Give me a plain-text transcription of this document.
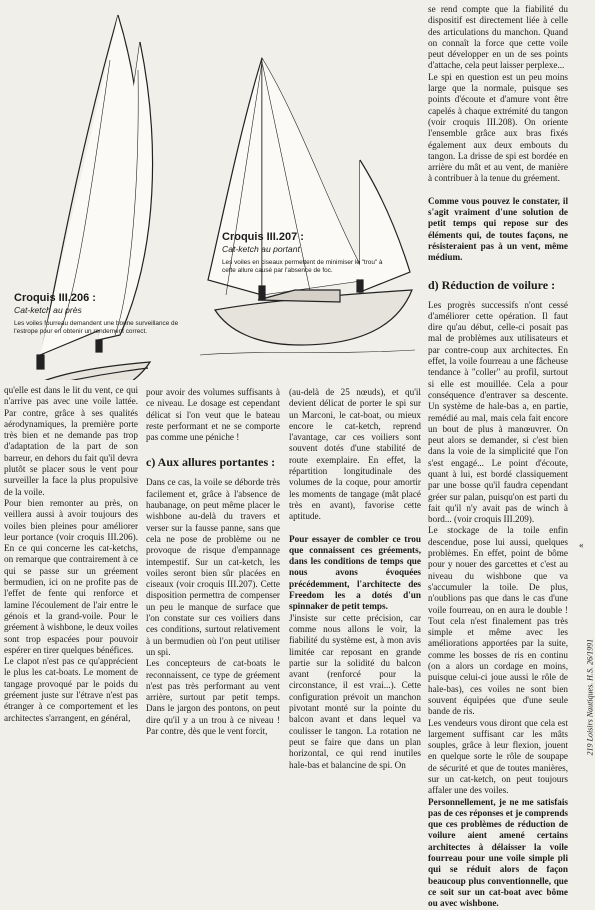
Croquis III.206 :
Cat-ketch au près
Les voiles fourreau demandent une bonne surveillance de l'estrope pour en obtenir un rendement correct.
Croquis III.207 :
Cat-ketch au portant
Les voiles en ciseaux permettent de minimiser le "trou" à cette allure causé par l'absence de foc.

qu'elle est dans le lit du vent, ce qui n'arrive pas avec une voile lattée. Par contre, grâce à ses qualités aérodynamiques, la première porte très bien et ne demande pas trop d'adaptation de la part de son barreur, en dehors du fait qu'il devra plutôt se placer sous le vent pour surveiller la face la plus propulsive de la voile.
Pour bien remonter au près, on veillera aussi à avoir toujours des voiles bien pleines pour améliorer leur portance (voir croquis III.206). En ce qui concerne les cat-ketchs, on remarque que contrairement à ce qui se passe sur un gréement bermudien, ici on ne profite pas de l'effet de fente qui renforce et lamine l'écoulement de l'air entre le génois et la grand-voile. Pour le gréement à wishbone, le deux voiles sont trop espacées pour pouvoir espérer en tirer quelques bénéfices.
Le clapot n'est pas ce qu'apprécient le plus les cat-boats. Le moment de tangage provoqué par le poids du gréement juste sur l'étrave n'est pas étranger à ce comportement et les architectes s'arrangent, en général,

pour avoir des volumes suffisants à ce niveau. Le dosage est cependant délicat si l'on veut que le bateau reste performant et ne se comporte pas comme une péniche !

c) Aux allures portantes :

Dans ce cas, la voile se déborde très facilement et, grâce à l'absence de haubanage, on peut même placer le wishbone au-delà du travers et verser sur la fausse panne, sans que cela ne pose de problème ou ne provoque de risque d'empannage intempestif. Sur un cat-ketch, les voiles seront bien sûr placées en ciseaux (voir croquis III.207). Cette disposition permettra de compenser un peu le manque de surface que l'on constate sur ces voiliers dans ces conditions, surtout relativement à un bermudien où l'on peut utiliser un spi.
Les concepteurs de cat-boats le reconnaissent, ce type de gréement n'est pas très performant au vent arrière, surtout par petit temps. Dans le jargon des pontons, on peut dire qu'il y a un trou à ce niveau ! Par contre, dès que le vent forcit,

(au-delà de 25 nœuds), et qu'il devient délicat de porter le spi sur un Marconi, le cat-boat, ou mieux encore le cat-ketch, reprend l'avantage, car ces voiliers sont souvent dotés d'une stabilité de route exemplaire. En effet, la répartition longitudinale des volumes de la coque, pour amortir les moments de tangage (mât placé très en avant), favorise cette aptitude.

Pour essayer de combler ce trou que connaissent ces gréements, dans les conditions de temps que nous avons évoquées précédemment, l'architecte des Freedom les a dotés d'un spinnaker de petit temps.

J'insiste sur cette précision, car comme nous allons le voir, la fiabilité du système est, à mon avis limitée car reposant en grande partie sur la solidité du balcon avant (renforcé pour la circonstance, il est vrai...). Cette configuration prévoit un manchon pivotant monté sur la pointe du balcon avant et dans lequel va coulisser le tangon. La rotation ne peut se faire que dans un plan horizontal, ce qui rend inutiles hale-bas et balancine de spi. On

se rend compte que la fiabilité du dispositif est directement liée à celle des articulations du manchon. Quand on connaît la force que cette voile peut développer en un de ses points d'attache, cela peut laisser perplexe...
Le spi en question est un peu moins large que la normale, puisque ses points d'écoute et d'amure vont être capelés à chaque extrémité du tangon (voir croquis III.208). On oriente l'ensemble grâce aux bras fixés également aux deux embouts du tangon. La drisse de spi est bordée en arrière du mât et au vent, de manière à contribuer à la tenue du gréement.

Comme vous pouvez le constater, il s'agit vraiment d'une solution de petit temps qui repose sur des éléments qui, de toutes façons, ne résisteraient pas à un vent, même médium.

d) Réduction de voilure :

Les progrès successifs n'ont cessé d'améliorer cette opération. Il faut dire qu'au début, celle-ci posait pas mal de problèmes aux utilisateurs et par contre-coup aux architectes. En effet, la voile fourreau a une fâcheuse tendance à "coller" au profil, surtout si elle est mouillée. Cela a pour conséquence d'entraver sa descente. Un système de hale-bas a, en partie, remédié au mal, mais cela fait encore un bout de plus à manœuvrer. On peut alors se demander, si c'est bien dans la voie de la simplicité que l'on s'est engagé... Le point d'écoute, quant à lui, est bordé classiquement par une bosse qu'il faudra cependant gréer sur palan, puisqu'on est parti du fait qu'il n'y avait pas de winch à bord... (voir croquis III.209).
Le stockage de la toile enfin descendue, pose lui aussi, quelques problèmes. En effet, point de bôme pour y nouer des garcettes et c'est au niveau du wishbone que va s'accumuler la toile. De plus, n'oublions pas que dans le cas d'une voile fourreau, on en aura le double ! Tout cela n'est finalement pas très simple et même avec les améliorations apportées par la suite, comme les bosses de ris en continu (on a alors un cordage en moins, puisque celui-ci joue aussi le rôle de hale-bas), ces voiles ne sont bien souvent équipées que d'une seule bande de ris.
Les vendeurs vous diront que cela est largement suffisant car les mâts souples, grâce à leur flexion, jouent en quelque sorte le rôle de soupape de sécurité et que de toutes manières, sur un cat-ketch, on peut toujours affaler une des voiles.

Personnellement, je ne me satisfais pas de ces réponses et je comprends que ces problèmes de réduction de voilure aient amené certains architectes à délaisser la voile fourreau pour une voile simple pli qui se réduit alors de façon beaucoup plus conventionnelle, que ce soit sur un cat-boat avec bôme ou avec wishbone.

«
219 Loisirs Nautiques. H.S. 26/1991
